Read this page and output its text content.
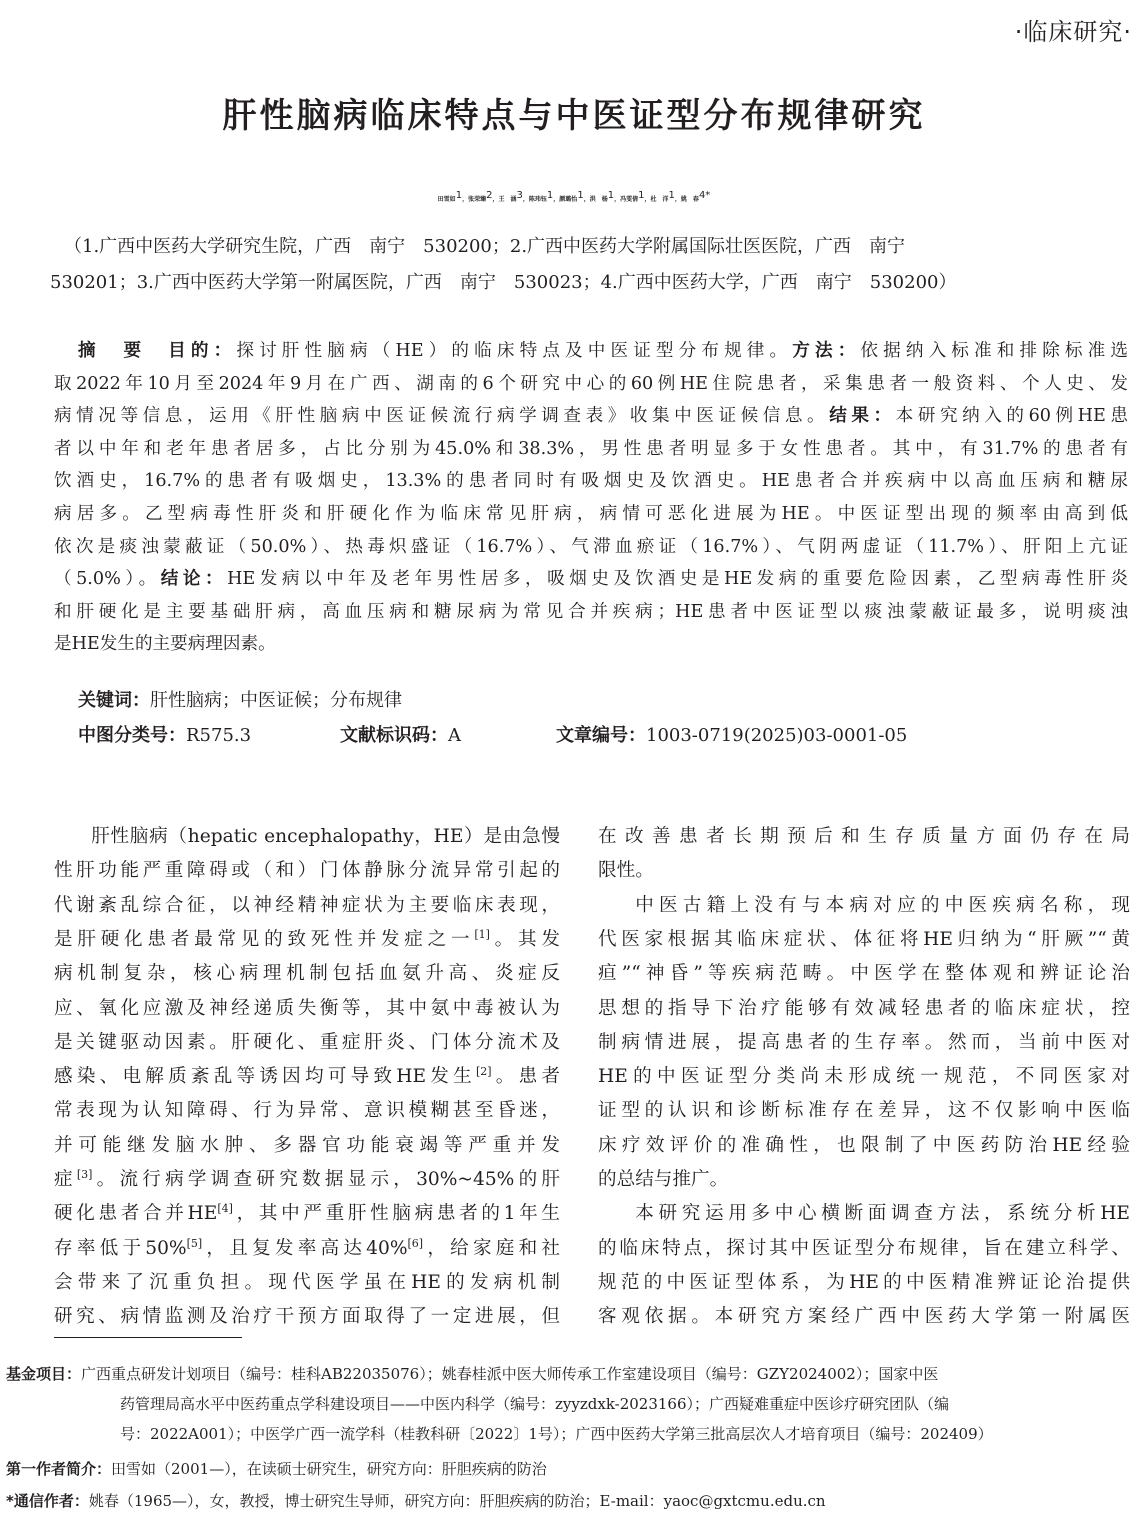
·临床研究·
肝性脑病临床特点与中医证型分布规律研究
田雪如$^1$，张荣臻$^2$，王　涵$^3$，陈玮钰$^1$，颜璐怡$^1$，洪　杨$^1$，冯雯倩$^1$，杜　洋$^1$，姚　春$^{4*}$
（1.广西中医药大学研究生院，广西　南宁　530200；2.广西中医药大学附属国际壮医医院，广西　南宁
530201；3.广西中医药大学第一附属医院，广西　南宁　530023；4.广西中医药大学，广西　南宁　530200）
摘　要 目的：探讨肝性脑病（HE）的临床特点及中医证型分布规律。方法：依据纳入标准和排除标准选
取2022年10月至2024年9月在广西、湖南的6个研究中心的60例HE住院患者，采集患者一般资料、个人史、发
病情况等信息，运用《肝性脑病中医证候流行病学调查表》收集中医证候信息。结果：本研究纳入的60例HE患
者以中年和老年患者居多，占比分别为45.0%和38.3%，男性患者明显多于女性患者。其中，有31.7%的患者有
饮酒史，16.7%的患者有吸烟史，13.3%的患者同时有吸烟史及饮酒史。HE患者合并疾病中以高血压病和糖尿
病居多。乙型病毒性肝炎和肝硬化作为临床常见肝病，病情可恶化进展为HE。中医证型出现的频率由高到低
依次是痰浊蒙蔽证（50.0%）、热毒炽盛证（16.7%）、气滞血瘀证（16.7%）、气阴两虚证（11.7%）、肝阳上亢证
（5.0%）。结论：HE发病以中年及老年男性居多，吸烟史及饮酒史是HE发病的重要危险因素，乙型病毒性肝炎
和肝硬化是主要基础肝病，高血压病和糖尿病为常见合并疾病；HE患者中医证型以痰浊蒙蔽证最多，说明痰浊
是HE发生的主要病理因素。
关键词：肝性脑病；中医证候；分布规律
中图分类号：R575.3	文献标识码：A	文章编号：1003-0719(2025)03-0001-05
肝性脑病（hepatic encephalopathy，HE）是由急慢
性肝功能严重障碍或（和）门体静脉分流异常引起的
代谢紊乱综合征，以神经精神症状为主要临床表现，
是肝硬化患者最常见的致死性并发症之一[1]。其发
病机制复杂，核心病理机制包括血氨升高、炎症反
应、氧化应激及神经递质失衡等，其中氨中毒被认为
是关键驱动因素。肝硬化、重症肝炎、门体分流术及
感染、电解质紊乱等诱因均可导致HE发生[2]。患者
常表现为认知障碍、行为异常、意识模糊甚至昏迷，
并可能继发脑水肿、多器官功能衰竭等严重并发
症[3]。流行病学调查研究数据显示，30%~45%的肝
硬化患者合并HE[4]，其中严重肝性脑病患者的1年生
存率低于50%[5]，且复发率高达40%[6]，给家庭和社
会带来了沉重负担。现代医学虽在HE的发病机制
研究、病情监测及治疗干预方面取得了一定进展，但
在改善患者长期预后和生存质量方面仍存在局
限性。
中医古籍上没有与本病对应的中医疾病名称，现
代医家根据其临床症状、体征将HE归纳为“肝厥”“黄
疸”“神昏”等疾病范畴。中医学在整体观和辨证论治
思想的指导下治疗能够有效减轻患者的临床症状，控
制病情进展，提高患者的生存率。然而，当前中医对
HE的中医证型分类尚未形成统一规范，不同医家对
证型的认识和诊断标准存在差异，这不仅影响中医临
床疗效评价的准确性，也限制了中医药防治HE经验
的总结与推广。
本研究运用多中心横断面调查方法，系统分析HE
的临床特点，探讨其中医证型分布规律，旨在建立科学、
规范的中医证型体系，为HE的中医精准辨证论治提供
客观依据。本研究方案经广西中医药大学第一附属医
基金项目：广西重点研发计划项目（编号：桂科AB22035076）；姚春桂派中医大师传承工作室建设项目（编号：GZY2024002）；国家中医
药管理局高水平中医药重点学科建设项目——中医内科学（编号：zyyzdxk-2023166）；广西疑难重症中医诊疗研究团队（编
号：2022A001）；中医学广西一流学科（桂教科研〔2022〕1号）；广西中医药大学第三批高层次人才培育项目（编号：202409）
第一作者简介：田雪如（2001—），在读硕士研究生，研究方向：肝胆疾病的防治
*通信作者：姚春（1965—），女，教授，博士研究生导师，研究方向：肝胆疾病的防治；E-mail：yaoc@gxtcmu.edu.cn
